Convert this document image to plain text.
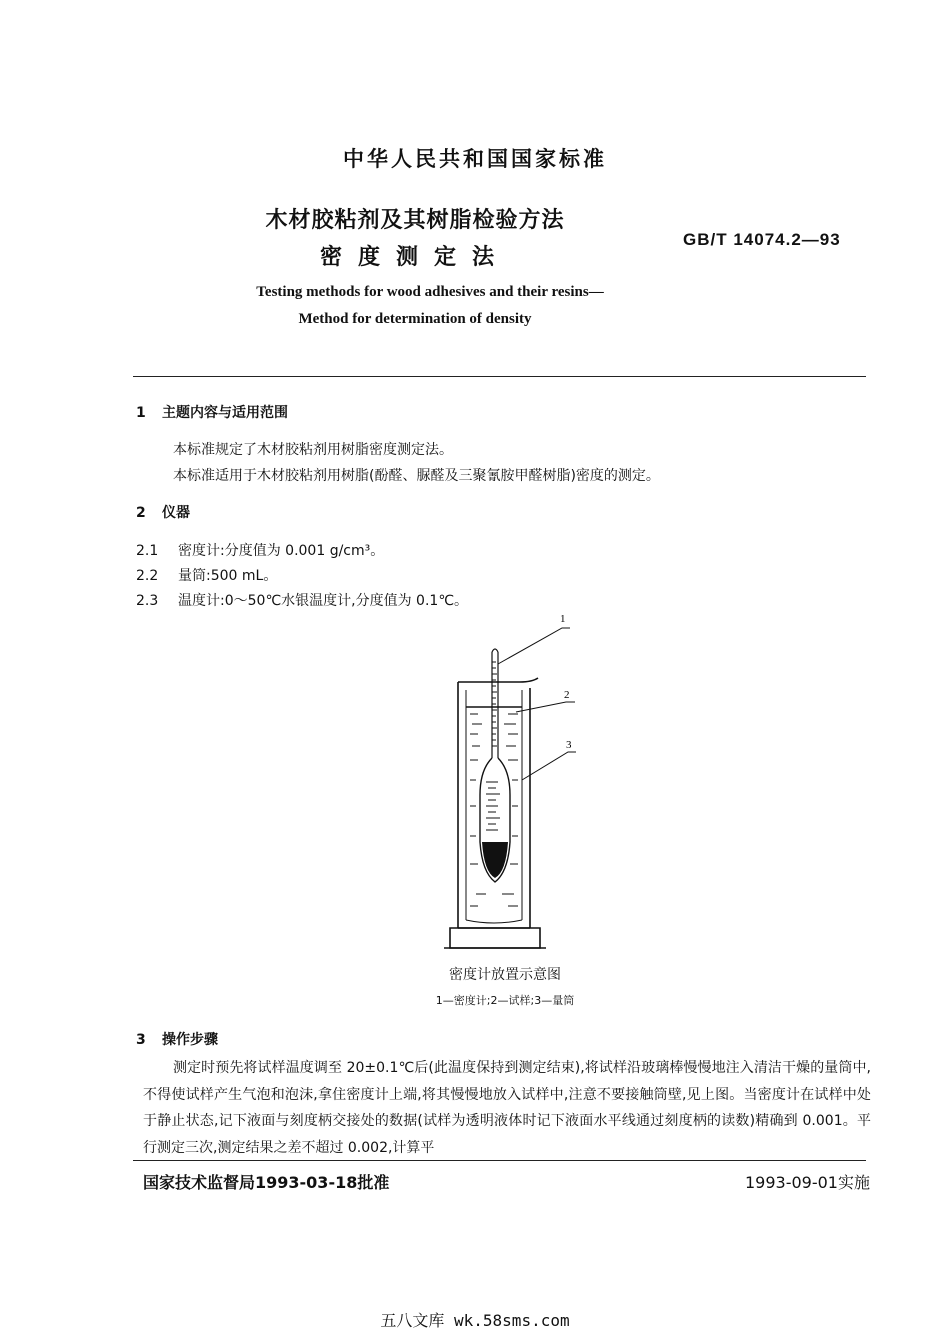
中华人民共和国国家标准
木材胶粘剂及其树脂检验方法
密度测定法
GB/T 14074.2—93
Testing methods for wood adhesives and their resins—
Method for determination of density
1 主题内容与适用范围
本标准规定了木材胶粘剂用树脂密度测定法。
本标准适用于木材胶粘剂用树脂(酚醛、脲醛及三聚氰胺甲醛树脂)密度的测定。
2 仪器
2.1 密度计:分度值为 0.001 g/cm³。
2.2 量筒:500 mL。
2.3 温度计:0～50℃水银温度计,分度值为 0.1℃。
1
2
3
密度计放置示意图
1—密度计;2—试样;3—量筒
3 操作步骤
测定时预先将试样温度调至 20±0.1℃后(此温度保持到测定结束),将试样沿玻璃棒慢慢地注入清洁干燥的量筒中,不得使试样产生气泡和泡沫,拿住密度计上端,将其慢慢地放入试样中,注意不要接触筒壁,见上图。当密度计在试样中处于静止状态,记下液面与刻度柄交接处的数据(试样为透明液体时记下液面水平线通过刻度柄的读数)精确到 0.001。平行测定三次,测定结果之差不超过 0.002,计算平
国家技术监督局1993-03-18批准	1993-09-01实施
五八文库 wk.58sms.com
